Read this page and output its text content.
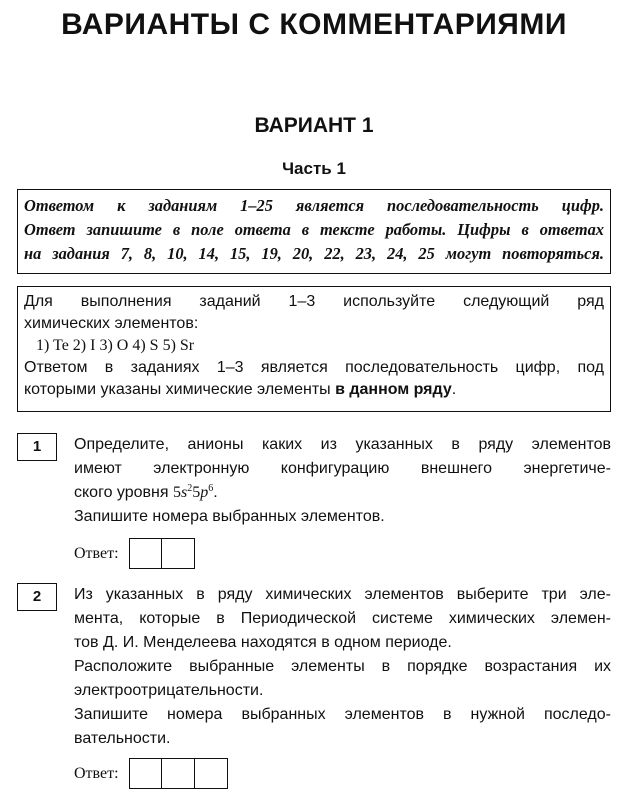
ВАРИАНТЫ С КОММЕНТАРИЯМИ
ВАРИАНТ 1
Часть 1
Ответом к заданиям 1–25 является последовательность цифр.
Ответ запишите в поле ответа в тексте работы. Цифры в ответах
на задания 7, 8, 10, 14, 15, 19, 20, 22, 23, 24, 25 могут повторяться.
Для выполнения заданий 1–3 используйте следующий ряд
химических элементов:
1) Te 2) I 3) O 4) S 5) Sr
Ответом в заданиях 1–3 является последовательность цифр, под
которыми указаны химические элементы в данном ряду.
1	Определите, анионы каких из указанных в ряду элементов
имеют электронную конфигурацию внешнего энергетиче-
ского уровня $5s^25p^6$.
Запишите номера выбранных элементов.
Ответ:
2	Из указанных в ряду химических элементов выберите три эле-
мента, которые в Периодической системе химических элемен-
тов Д. И. Менделеева находятся в одном периоде.
Расположите выбранные элементы в порядке возрастания их
электроотрицательности.
Запишите номера выбранных элементов в нужной последо-
вательности.
Ответ:
